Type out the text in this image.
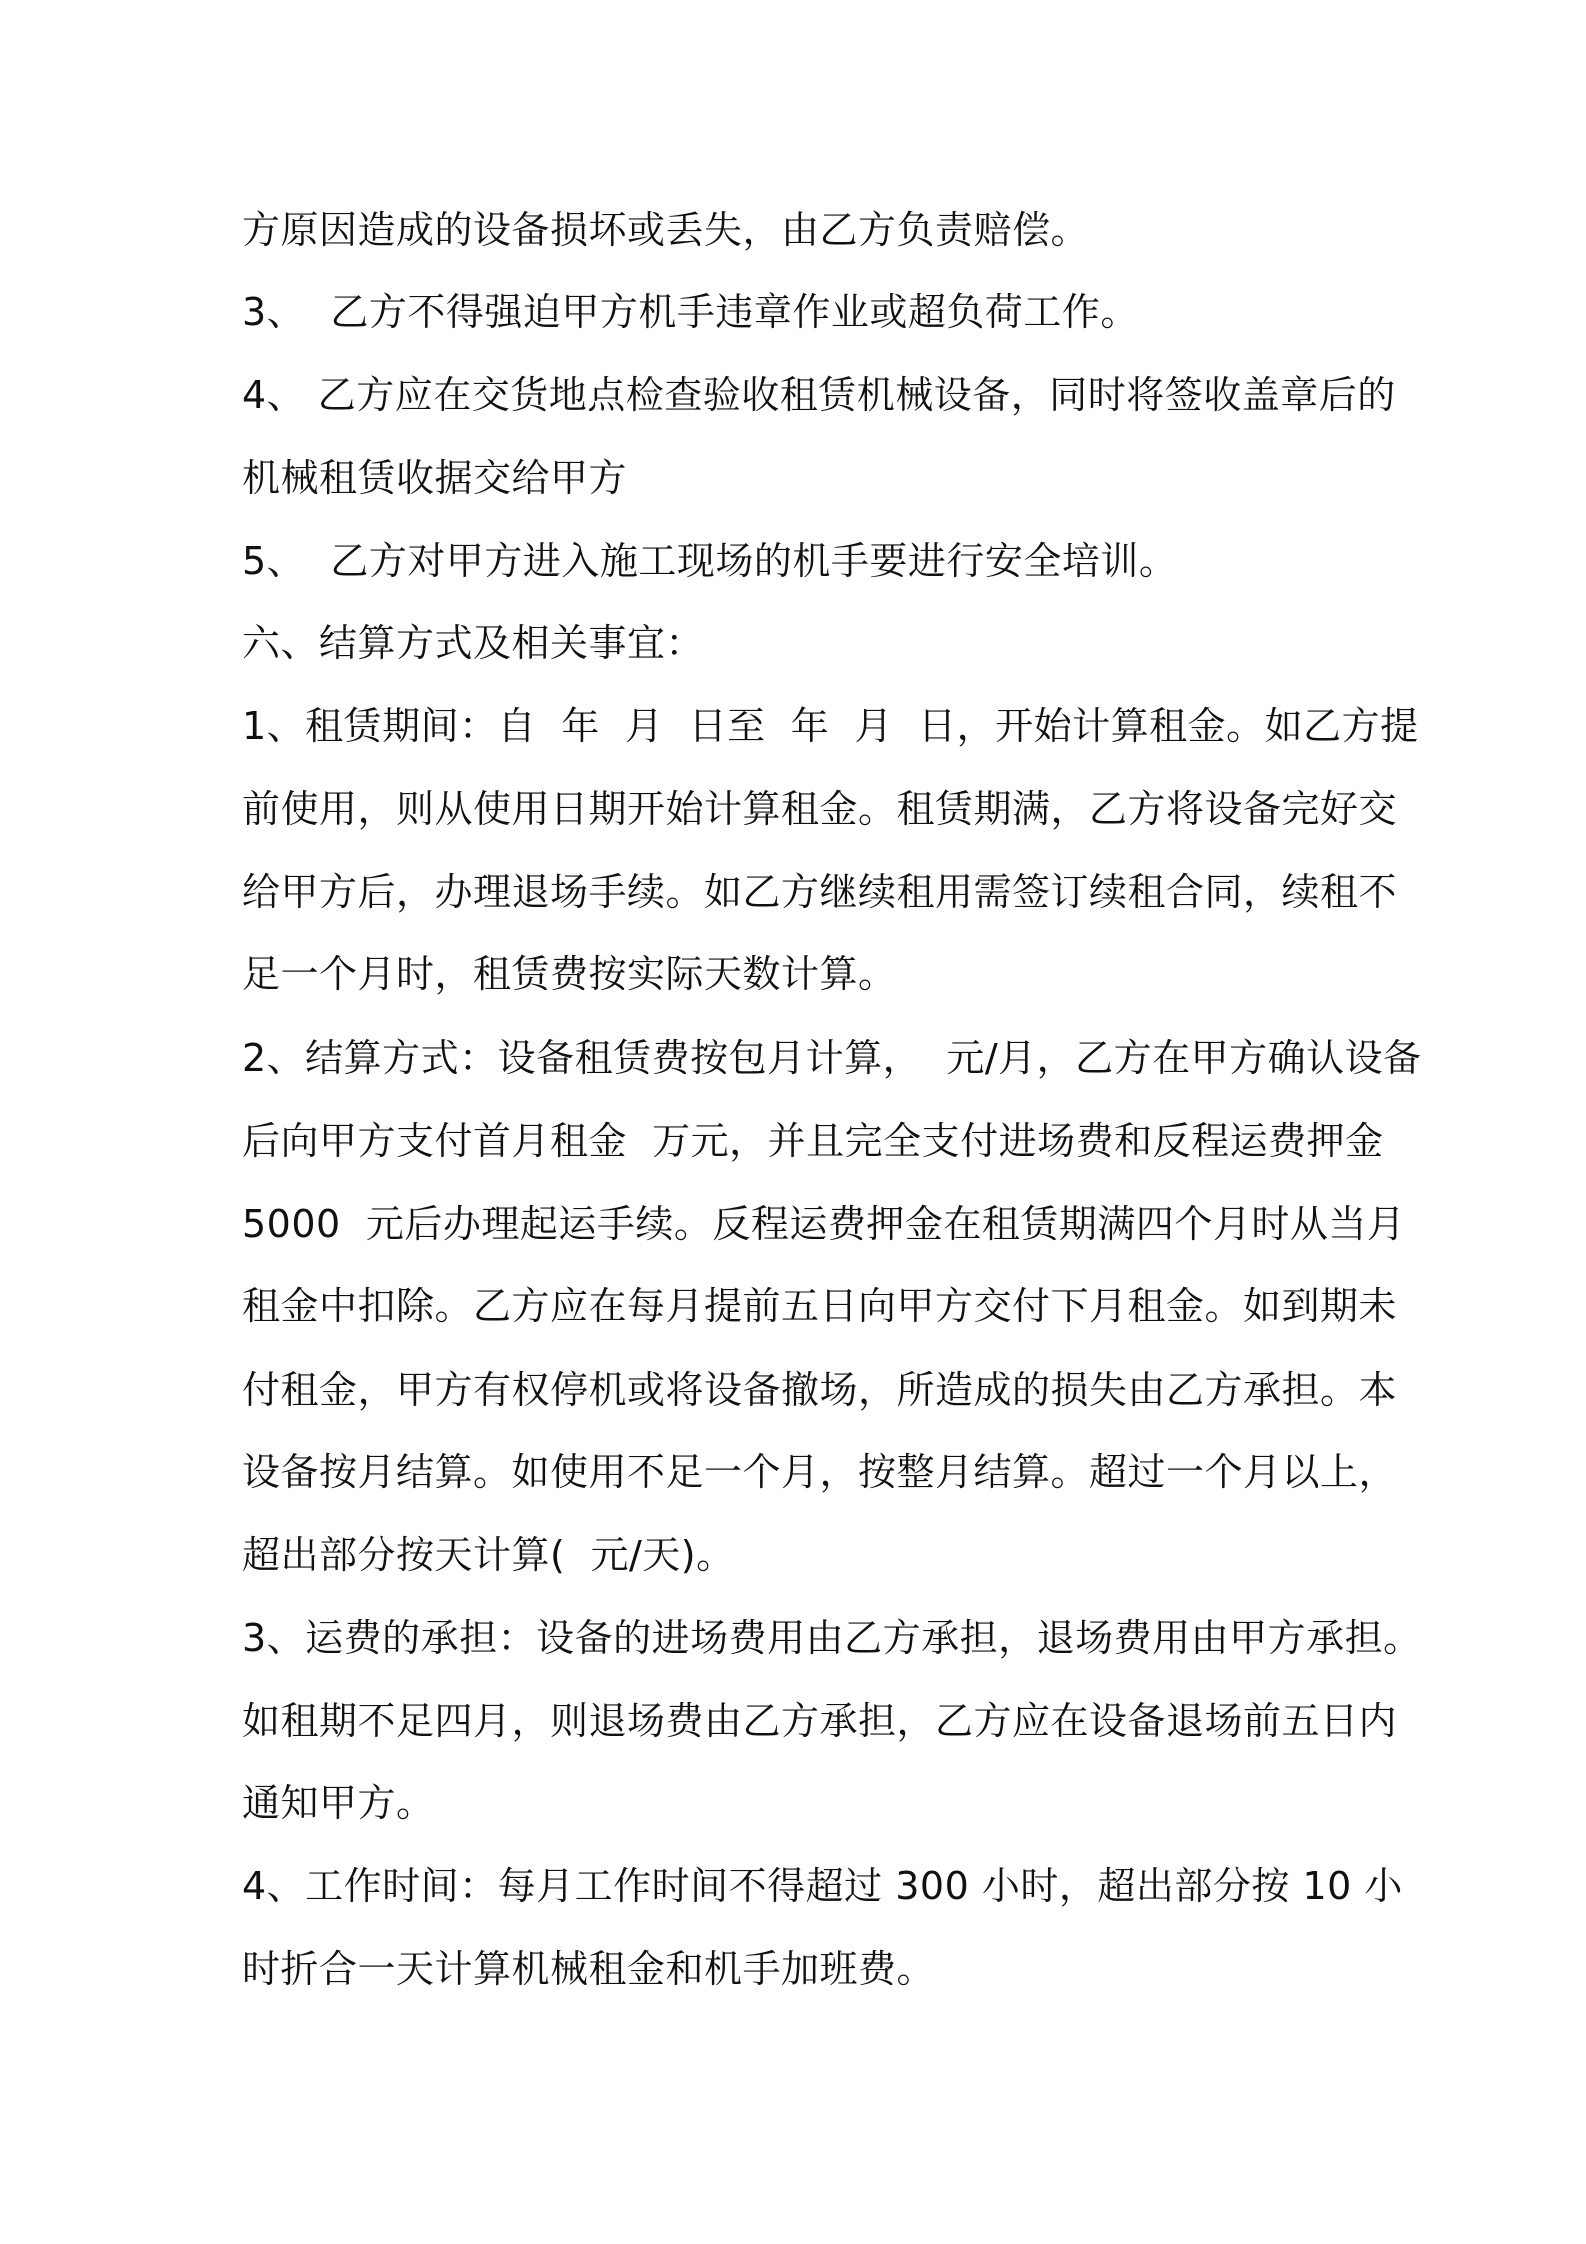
方原因造成的设备损坏或丢失，由乙方负责赔偿。

3、  乙方不得强迫甲方机手违章作业或超负荷工作。

4、 乙方应在交货地点检查验收租赁机械设备，同时将签收盖章后的

机械租赁收据交给甲方

5、  乙方对甲方进入施工现场的机手要进行安全培训。

六、结算方式及相关事宜：

1、租赁期间：自  年  月  日至  年  月  日，开始计算租金。如乙方提

前使用，则从使用日期开始计算租金。租赁期满，乙方将设备完好交

给甲方后，办理退场手续。如乙方继续租用需签订续租合同，续租不

足一个月时，租赁费按实际天数计算。

2、结算方式：设备租赁费按包月计算，  元/月，乙方在甲方确认设备

后向甲方支付首月租金  万元，并且完全支付进场费和反程运费押金

5000  元后办理起运手续。反程运费押金在租赁期满四个月时从当月

租金中扣除。乙方应在每月提前五日向甲方交付下月租金。如到期未

付租金，甲方有权停机或将设备撤场，所造成的损失由乙方承担。本

设备按月结算。如使用不足一个月，按整月结算。超过一个月以上，

超出部分按天计算(  元/天)。

3、运费的承担：设备的进场费用由乙方承担，退场费用由甲方承担。

如租期不足四月，则退场费由乙方承担，乙方应在设备退场前五日内

通知甲方。

4、工作时间：每月工作时间不得超过 300 小时，超出部分按 10 小

时折合一天计算机械租金和机手加班费。
